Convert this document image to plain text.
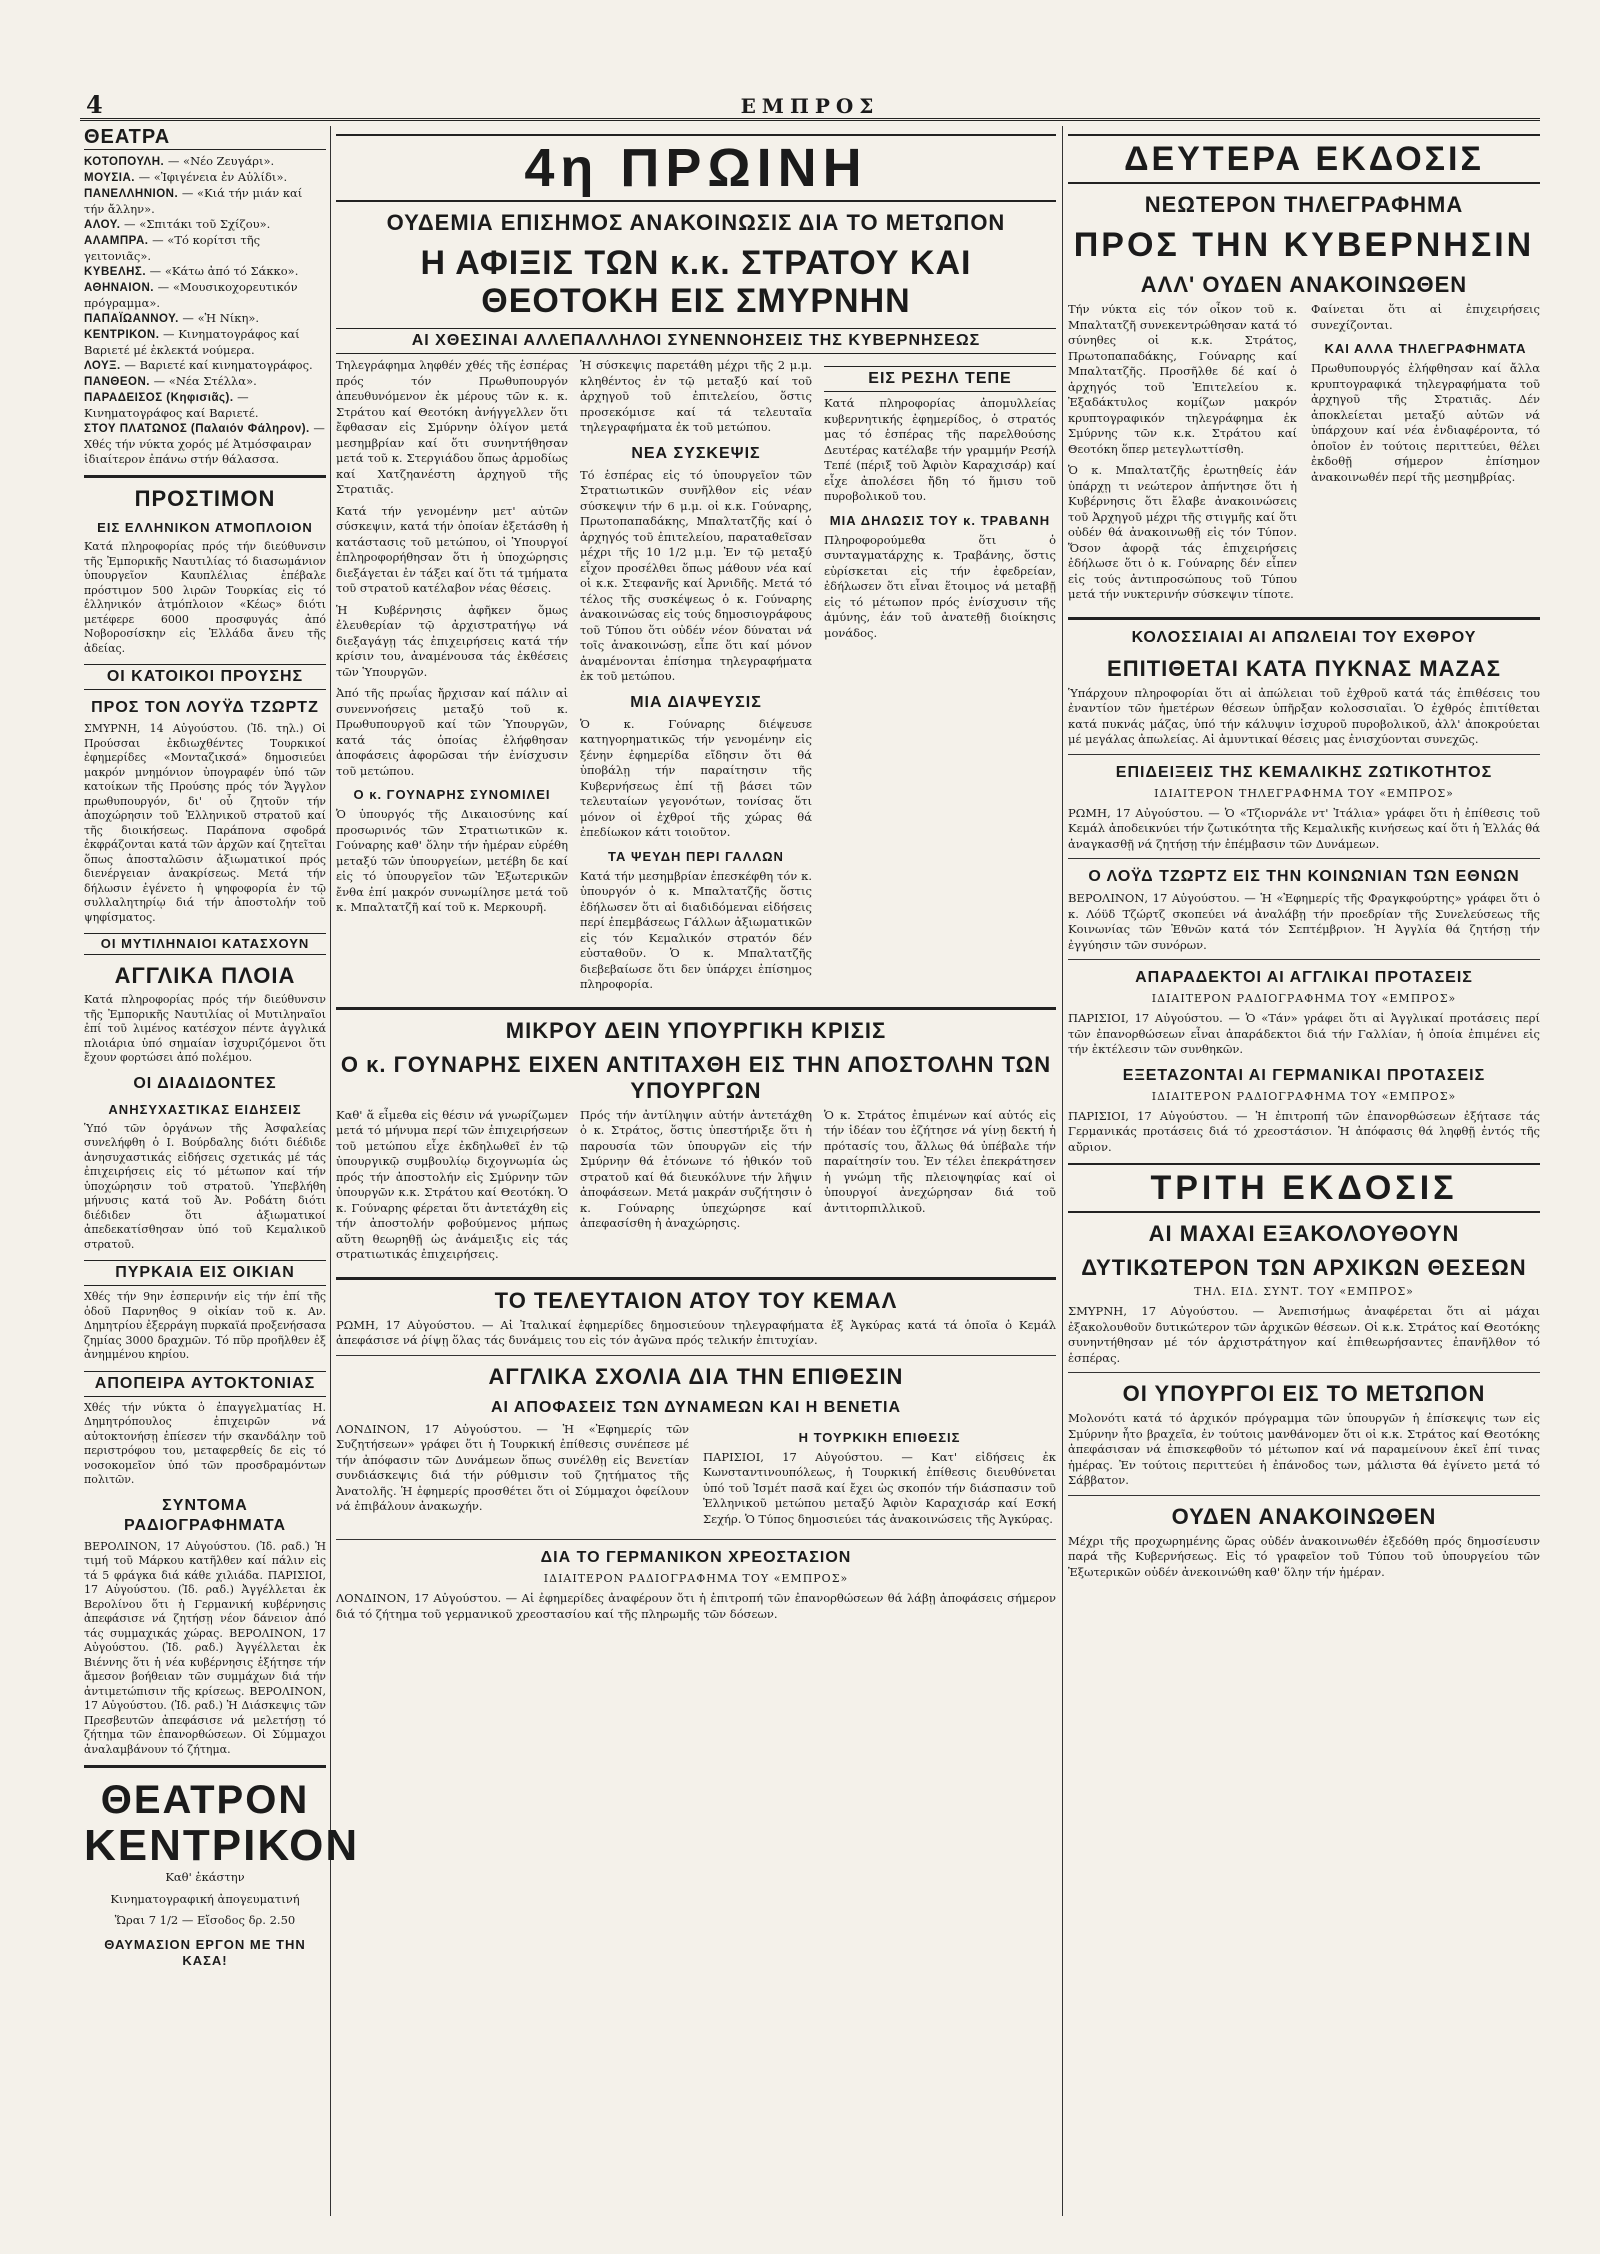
4	ΕΜΠΡΟΣ
ΘΕΑΤΡΑ
ΚΟΤΟΠΟΥΛΗ. — «Νέο Ζευγάρι».
ΜΟΥΣΙΑ. — «Ἰφιγένεια ἐν Αὐλίδι».
ΠΑΝΕΛΛΗΝΙΟΝ. — «Κιά τήν μιάν καί τήν ἄλλην».
ΑΛΟΥ. — «Σπιτάκι τοῦ Σχίζου».
ΑΛΑΜΠΡΑ. — «Τό κορίτσι τῆς γειτονιᾶς».
ΚΥΒΕΛΗΣ. — «Κάτω ἀπό τό Σάκκο».
ΑΘΗΝΑΙΟΝ. — «Μουσικοχορευτικόν πρόγραμμα».
ΠΑΠΑΪΩΑΝΝΟΥ. — «Ἡ Νίκη».
ΚΕΝΤΡΙΚΟΝ. — Κινηματογράφος καί Βαριετέ μέ ἐκλεκτά νούμερα.
ΛΟΥΞ. — Βαριετέ καί κινηματογράφος.
ΠΑΝΘΕΟΝ. — «Νέα Στέλλα».
ΠΑΡΑΔΕΙΣΟΣ (Κηφισιᾶς). — Κινηματογράφος καί Βαριετέ.
ΣΤΟΥ ΠΛΑΤΩΝΟΣ (Παλαιόν Φάληρον). — Χθές τήν νύκτα χορός μέ Ἀτμόσφαιραν ἰδιαίτερον ἐπάνω στήν θάλασσα.
ΠΡΟΣΤΙΜΟΝ
ΕΙΣ ΕΛΛΗΝΙΚΟΝ ΑΤΜΟΠΛΟΙΟΝ

Κατά πληροφορίας πρός τήν διεύθυνσιν τῆς Ἐμπορικῆς Ναυτιλίας τό διασωμάνιον ὑπουργεῖον Καυπλέλιας ἐπέβαλε πρόστιμον 500 λιρῶν Τουρκίας εἰς τό ἑλληνικόν ἀτμόπλοιον «Κέως» διότι μετέφερε 6000 προσφυγάς ἀπό Νοβοροσίσκην εἰς Ἑλλάδα ἄνευ τῆς ἀδείας.

ΟΙ ΚΑΤΟΙΚΟΙ ΠΡΟΥΣΗΣ
ΠΡΟΣ ΤΟΝ ΛΟΥΫΔ ΤΖΩΡΤΖ

ΣΜΥΡΝΗ, 14 Αὐγούστου. (Ἰδ. τηλ.) Οἱ Προύσσαι ἐκδιωχθέντες Τουρκικοί ἐφημερίδες «Μονταζικσά» δημοσιεύει μακρόν μνημόνιον ὑπογραφέν ὑπό τῶν κατοίκων τῆς Προύσης πρός τόν Ἄγγλον πρωθυπουργόν, δι' οὗ ζητοῦν τήν ἀποχώρησιν τοῦ Ἑλληνικοῦ στρατοῦ καί τῆς διοικήσεως. Παράπονα σφοδρά ἐκφράζονται κατά τῶν ἀρχῶν καί ζητεῖται ὅπως ἀποσταλῶσιν ἀξιωματικοί πρός διενέργειαν ἀνακρίσεως. Μετά τήν δήλωσιν ἐγένετο ἡ ψηφοφορία ἐν τῷ συλλαλητηρίῳ διά τήν ἀποστολήν τοῦ ψηφίσματος.

ΟΙ ΜΥΤΙΛΗΝΑΙΟΙ ΚΑΤΑΣΧΟΥΝ
ΑΓΓΛΙΚΑ ΠΛΟΙΑ

Κατά πληροφορίας πρός τήν διεύθυνσιν τῆς Ἐμπορικῆς Ναυτιλίας οἱ Μυτιληναῖοι ἐπί τοῦ λιμένος κατέσχον πέντε ἀγγλικά πλοιάρια ὑπό σημαίαν ἰσχυριζόμενοι ὅτι ἔχουν φορτώσει ἀπό πολέμου.

ΟΙ ΔΙΑΔΙΔΟΝΤΕΣ
ΑΝΗΣΥΧΑΣΤΙΚΑΣ ΕΙΔΗΣΕΙΣ

Ὑπό τῶν ὀργάνων τῆς Ἀσφαλείας συνελήφθη ὁ Ι. Βούρδαλης διότι διέδιδε ἀνησυχαστικάς εἰδήσεις σχετικάς μέ τάς ἐπιχειρήσεις εἰς τό μέτωπον καί τήν ὑποχώρησιν τοῦ στρατοῦ. Ὑπεβλήθη μήνυσις κατά τοῦ Ἀν. Ροδάτη διότι διέδιδεν ὅτι ἀξιωματικοί ἀπεδεκατίσθησαν ὑπό τοῦ Κεμαλικοῦ στρατοῦ.

ΠΥΡΚΑΙΑ ΕΙΣ ΟΙΚΙΑΝ

Χθές τήν 9ην ἑσπερινήν εἰς τήν ἐπί τῆς ὁδοῦ Παρνηθος 9 οἰκίαν τοῦ κ. Αν. Δημητρίου ἐξερράγη πυρκαϊά προξενήσασα ζημίας 3000 δραχμῶν. Τό πῦρ προῆλθεν ἐξ ἀνημμένου κηρίου.

ΑΠΟΠΕΙΡΑ ΑΥΤΟΚΤΟΝΙΑΣ

Χθές τήν νύκτα ὁ ἐπαγγελματίας Η. Δημητρόπουλος ἐπιχειρῶν νά αὐτοκτονήσῃ ἐπίεσεν τήν σκανδάλην τοῦ περιστρόφου του, μεταφερθείς δε εἰς τό νοσοκομεῖον ὑπό τῶν προσδραμόντων πολιτῶν.

ΣΥΝΤΟΜΑ ΡΑΔΙΟΓΡΑΦΗΜΑΤΑ

ΒΕΡΟΛΙΝΟΝ, 17 Αὐγούστου. (Ἰδ. ραδ.) Ἡ τιμή τοῦ Μάρκου κατῆλθεν καί πάλιν εἰς τά 5 φράγκα διά κάθε χιλιάδα. ΠΑΡΙΣΙΟΙ, 17 Αὐγούστου. (Ἰδ. ραδ.) Ἀγγέλλεται ἐκ Βερολίνου ὅτι ἡ Γερμανική κυβέρνησις ἀπεφάσισε νά ζητήσῃ νέον δάνειον ἀπό τάς συμμαχικάς χώρας. ΒΕΡΟΛΙΝΟΝ, 17 Αὐγούστου. (Ἰδ. ραδ.) Ἀγγέλλεται ἐκ Βιέννης ὅτι ἡ νέα κυβέρνησις ἐξήτησε τήν ἄμεσον βοήθειαν τῶν συμμάχων διά τήν ἀντιμετώπισιν τῆς κρίσεως. ΒΕΡΟΛΙΝΟΝ, 17 Αὐγούστου. (Ἰδ. ραδ.) Ἡ Διάσκεψις τῶν Πρεσβευτῶν ἀπεφάσισε νά μελετήσῃ τό ζήτημα τῶν ἐπανορθώσεων. Οἱ Σύμμαχοι ἀναλαμβάνουν τό ζήτημα.

ΘΕΑΤΡΟΝ
ΚΕΝΤΡΙΚΟΝ
Καθ' ἑκάστην
Κινηματογραφική ἀπογευματινή
Ὥραι 7 1/2 — Εἴσοδος δρ. 2.50
ΘΑΥΜΑΣΙΟΝ ΕΡΓΟΝ ΜΕ ΤΗΝ ΚΑΣΑ!
4η ΠΡΩΙΝΗ
ΟΥΔΕΜΙΑ ΕΠΙΣΗΜΟΣ ΑΝΑΚΟΙΝΩΣΙΣ ΔΙΑ ΤΟ ΜΕΤΩΠΟΝ
Η ΑΦΙΞΙΣ ΤΩΝ κ.κ. ΣΤΡΑΤΟΥ ΚΑΙ ΘΕΟΤΟΚΗ ΕΙΣ ΣΜΥΡΝΗΝ
ΑΙ ΧΘΕΣΙΝΑΙ ΑΛΛΕΠΑΛΛΗΛΟΙ ΣΥΝΕΝΝΟΗΣΕΙΣ ΤΗΣ ΚΥΒΕΡΝΗΣΕΩΣ

Τηλεγράφημα ληφθέν χθές τῆς ἑσπέρας πρός τόν Πρωθυπουργόν ἀπευθυνόμενον ἐκ μέρους τῶν κ. κ. Στράτου καί Θεοτόκη ἀνήγγελλεν ὅτι ἔφθασαν εἰς Σμύρνην ὀλίγον μετά μεσημβρίαν καί ὅτι συνηντήθησαν μετά τοῦ κ. Στεργιάδου ὅπως ἀρμοδίως καί Χατζηανέστη ἀρχηγοῦ τῆς Στρατιᾶς.

Κατά τήν γενομένην μετ' αὐτῶν σύσκεψιν, κατά τήν ὁποίαν ἐξετάσθη ἡ κατάστασις τοῦ μετώπου, οἱ Ὑπουργοί ἐπληροφορήθησαν ὅτι ἡ ὑποχώρησις διεξάγεται ἐν τάξει καί ὅτι τά τμήματα τοῦ στρατοῦ κατέλαβον νέας θέσεις.

Ἡ Κυβέρνησις ἀφῆκεν ὅμως ἐλευθερίαν τῷ ἀρχιστρατήγῳ νά διεξαγάγῃ τάς ἐπιχειρήσεις κατά τήν κρίσιν του, ἀναμένουσα τάς ἐκθέσεις τῶν Ὑπουργῶν.

Ἀπό τῆς πρωΐας ἤρχισαν καί πάλιν αἱ συνεννοήσεις μεταξύ τοῦ κ. Πρωθυπουργοῦ καί τῶν Ὑπουργῶν, κατά τάς ὁποίας ἐλήφθησαν ἀποφάσεις ἀφορῶσαι τήν ἐνίσχυσιν τοῦ μετώπου.

Ο κ. ΓΟΥΝΑΡΗΣ ΣΥΝΟΜΙΛΕΙ

Ὁ ὑπουργός τῆς Δικαιοσύνης καί προσωρινός τῶν Στρατιωτικῶν κ. Γούναρης καθ' ὅλην τήν ἡμέραν εὑρέθη μεταξύ τῶν ὑπουργείων, μετέβη δε καί εἰς τό ὑπουργεῖον τῶν Ἐξωτερικῶν ἔνθα ἐπί μακρόν συνωμίλησε μετά τοῦ κ. Μπαλτατζῆ καί τοῦ κ. Μερκουρῆ.

Ἡ σύσκεψις παρετάθη μέχρι τῆς 2 μ.μ. κληθέντος ἐν τῷ μεταξύ καί τοῦ ἀρχηγοῦ τοῦ ἐπιτελείου, ὅστις προσεκόμισε καί τά τελευταῖα τηλεγραφήματα ἐκ τοῦ μετώπου.

ΝΕΑ ΣΥΣΚΕΨΙΣ

Τό ἑσπέρας εἰς τό ὑπουργεῖον τῶν Στρατιωτικῶν συνῆλθον εἰς νέαν σύσκεψιν τήν 6 μ.μ. οἱ κ.κ. Γούναρης, Πρωτοπαπαδάκης, Μπαλτατζῆς καί ὁ ἀρχηγός τοῦ ἐπιτελείου, παραταθεῖσαν μέχρι τῆς 10 1/2 μ.μ. Ἐν τῷ μεταξύ εἶχον προσέλθει ὅπως μάθουν νέα καί οἱ κ.κ. Στεφανῆς καί Ἀρνιδῆς. Μετά τό τέλος τῆς συσκέψεως ὁ κ. Γούναρης ἀνακοινώσας εἰς τούς δημοσιογράφους τοῦ Τύπου ὅτι οὐδέν νέον δύναται νά τοῖς ἀνακοινώσῃ, εἶπε ὅτι καί μόνον ἀναμένονται ἐπίσημα τηλεγραφήματα ἐκ τοῦ μετώπου.

ΜΙΑ ΔΙΑΨΕΥΣΙΣ

Ὁ κ. Γούναρης διέψευσε κατηγορηματικῶς τήν γενομένην εἰς ξένην ἐφημερίδα εἴδησιν ὅτι θά ὑποβάλῃ τήν παραίτησιν τῆς Κυβερνήσεως ἐπί τῇ βάσει τῶν τελευταίων γεγονότων, τονίσας ὅτι μόνον οἱ ἐχθροί τῆς χώρας θά ἐπεδίωκον κάτι τοιοῦτον.

ΤΑ ΨΕΥΔΗ ΠΕΡΙ ΓΑΛΛΩΝ

Κατά τήν μεσημβρίαν ἐπεσκέφθη τόν κ. ὑπουργόν ὁ κ. Μπαλτατζῆς ὅστις ἐδήλωσεν ὅτι αἱ διαδιδόμεναι εἰδήσεις περί ἐπεμβάσεως Γάλλων ἀξιωματικῶν εἰς τόν Κεμαλικόν στρατόν δέν εὐσταθοῦν. Ὁ κ. Μπαλτατζῆς διεβεβαίωσε ὅτι δεν ὑπάρχει ἐπίσημος πληροφορία.

ΕΙΣ ΡΕΣΗΛ ΤΕΠΕ

Κατά πληροφορίας ἀπομυλλείας κυβερνητικής ἐφημερίδος, ὁ στρατός μας τό ἑσπέρας τῆς παρελθούσης Δευτέρας κατέλαβε τήν γραμμήν Ρεσήλ Τεπέ (πέριξ τοῦ Ἀφιὸν Καραχισάρ) καί εἶχε ἀπολέσει ἤδη τό ἥμισυ τοῦ πυροβολικοῦ του.

ΜΙΑ ΔΗΛΩΣΙΣ ΤΟΥ κ. ΤΡΑΒΑΝΗ

Πληροφορούμεθα ὅτι ὁ συνταγματάρχης κ. Τραβάνης, ὅστις εὑρίσκεται εἰς τήν ἐφεδρείαν, ἐδήλωσεν ὅτι εἶναι ἕτοιμος νά μεταβῇ εἰς τό μέτωπον πρός ἐνίσχυσιν τῆς ἀμύνης, ἐάν τοῦ ἀνατεθῇ διοίκησις μονάδος.

ΜΙΚΡΟΥ ΔΕΙΝ ΥΠΟΥΡΓΙΚΗ ΚΡΙΣΙΣ
Ο κ. ΓΟΥΝΑΡΗΣ ΕΙΧΕΝ ΑΝΤΙΤΑΧΘΗ ΕΙΣ ΤΗΝ ΑΠΟΣΤΟΛΗΝ ΤΩΝ ΥΠΟΥΡΓΩΝ

Καθ' ἅ εἶμεθα εἰς θέσιν νά γνωρίζωμεν μετά τό μήνυμα περί τῶν ἐπιχειρήσεων τοῦ μετώπου εἶχε ἐκδηλωθεῖ ἐν τῷ ὑπουργικῷ συμβουλίῳ διχογνωμία ὡς πρός τήν ἀποστολήν εἰς Σμύρνην τῶν ὑπουργῶν κ.κ. Στράτου καί Θεοτόκη. Ὁ κ. Γούναρης φέρεται ὅτι ἀντετάχθη εἰς τήν ἀποστολήν φοβούμενος μήπως αὕτη θεωρηθῇ ὡς ἀνάμειξις εἰς τάς στρατιωτικάς ἐπιχειρήσεις.

Πρός τήν ἀντίληψιν αὐτήν ἀντετάχθη ὁ κ. Στράτος, ὅστις ὑπεστήριξε ὅτι ἡ παρουσία τῶν ὑπουργῶν εἰς τήν Σμύρνην θά ἐτόνωνε τό ἠθικόν τοῦ στρατοῦ καί θά διευκόλυνε τήν λῆψιν ἀποφάσεων. Μετά μακράν συζήτησιν ὁ κ. Γούναρης ὑπεχώρησε καί ἀπεφασίσθη ἡ ἀναχώρησις.

Ὁ κ. Στράτος ἐπιμένων καί αὐτός εἰς τήν ἰδέαν του ἐζήτησε νά γίνῃ δεκτή ἡ πρότασίς του, ἄλλως θά ὑπέβαλε τήν παραίτησίν του. Ἐν τέλει ἐπεκράτησεν ἡ γνώμη τῆς πλειοψηφίας καί οἱ ὑπουργοί ἀνεχώρησαν διά τοῦ ἀντιτορπιλλικοῦ.

ΤΟ ΤΕΛΕΥΤΑΙΟΝ ΑΤΟΥ ΤΟΥ ΚΕΜΑΛ

ΡΩΜΗ, 17 Αὐγούστου. — Αἱ Ἰταλικαί ἐφημερίδες δημοσιεύουν τηλεγραφήματα ἐξ Ἀγκύρας κατά τά ὁποῖα ὁ Κεμάλ ἀπεφάσισε νά ῥίψῃ ὅλας τάς δυνάμεις του εἰς τόν ἀγῶνα πρός τελικήν ἐπιτυχίαν.

ΑΓΓΛΙΚΑ ΣΧΟΛΙΑ ΔΙΑ ΤΗΝ ΕΠΙΘΕΣΙΝ
ΑΙ ΑΠΟΦΑΣΕΙΣ ΤΩΝ ΔΥΝΑΜΕΩΝ ΚΑΙ Η ΒΕΝΕΤΙΑ

ΛΟΝΔΙΝΟΝ, 17 Αὐγούστου. — Ἡ «Ἐφημερίς τῶν Συζητήσεων» γράφει ὅτι ἡ Τουρκική ἐπίθεσις συνέπεσε μέ τήν ἀπόφασιν τῶν Δυνάμεων ὅπως συνέλθῃ εἰς Βενετίαν συνδιάσκεψις διά τήν ρύθμισιν τοῦ ζητήματος τῆς Ἀνατολῆς. Ἡ ἐφημερίς προσθέτει ὅτι οἱ Σύμμαχοι ὀφείλουν νά ἐπιβάλουν ἀνακωχήν.

Η ΤΟΥΡΚΙΚΗ ΕΠΙΘΕΣΙΣ

ΠΑΡΙΣΙΟΙ, 17 Αὐγούστου. — Κατ' εἰδήσεις ἐκ Κωνσταντινουπόλεως, ἡ Τουρκική ἐπίθεσις διευθύνεται ὑπό τοῦ Ἰσμέτ πασᾶ καί ἔχει ὡς σκοπόν τήν διάσπασιν τοῦ Ἑλληνικοῦ μετώπου μεταξύ Ἀφιὸν Καραχισάρ καί Εσκή Σεχήρ. Ὁ Τύπος δημοσιεύει τάς ἀνακοινώσεις τῆς Ἀγκύρας.

ΔΙΑ ΤΟ ΓΕΡΜΑΝΙΚΟΝ ΧΡΕΟΣΤΑΣΙΟΝ
ΙΔΙΑΙΤΕΡΟΝ ΡΑΔΙΟΓΡΑΦΗΜΑ ΤΟΥ «ΕΜΠΡΟΣ»

ΛΟΝΔΙΝΟΝ, 17 Αὐγούστου. — Αἱ ἐφημερίδες ἀναφέρουν ὅτι ἡ ἐπιτροπή τῶν ἐπανορθώσεων θά λάβῃ ἀποφάσεις σήμερον διά τό ζήτημα τοῦ γερμανικοῦ χρεοστασίου καί τῆς πληρωμῆς τῶν δόσεων.

ΔΕΥΤΕΡΑ ΕΚΔΟΣΙΣ
ΝΕΩΤΕΡΟΝ ΤΗΛΕΓΡΑΦΗΜΑ
ΠΡΟΣ ΤΗΝ ΚΥΒΕΡΝΗΣΙΝ
ΑΛΛ' ΟΥΔΕΝ ΑΝΑΚΟΙΝΩΘΕΝ

Τήν νύκτα εἰς τόν οἶκον τοῦ κ. Μπαλτατζῆ συνεκεντρώθησαν κατά τό σύνηθες οἱ κ.κ. Στράτος, Πρωτοπαπαδάκης, Γούναρης καί Μπαλτατζῆς. Προσῆλθε δέ καί ὁ ἀρχηγός τοῦ Ἐπιτελείου κ. Ἐξαδάκτυλος κομίζων μακρόν κρυπτογραφικόν τηλεγράφημα ἐκ Σμύρνης τῶν κ.κ. Στράτου καί Θεοτόκη ὅπερ μετεγλωττίσθη.

Ὁ κ. Μπαλτατζῆς ἐρωτηθείς ἐάν ὑπάρχῃ τι νεώτερον ἀπήντησε ὅτι ἡ Κυβέρνησις ὅτι ἔλαβε ἀνακοινώσεις τοῦ Ἀρχηγοῦ μέχρι τῆς στιγμῆς καί ὅτι οὐδέν θά ἀνακοινωθῇ εἰς τόν Τύπον. Ὅσον ἀφορᾷ τάς ἐπιχειρήσεις ἐδήλωσε ὅτι ὁ κ. Γούναρης δέν εἶπεν εἰς τούς ἀντιπροσώπους τοῦ Τύπου μετά τήν νυκτερινήν σύσκεψιν τίποτε.

Φαίνεται ὅτι αἱ ἐπιχειρήσεις συνεχίζονται.

ΚΑΙ ΑΛΛΑ ΤΗΛΕΓΡΑΦΗΜΑΤΑ

Πρωθυπουργός ἐλήφθησαν καί ἄλλα κρυπτογραφικά τηλεγραφήματα τοῦ ἀρχηγοῦ τῆς Στρατιᾶς. Δέν ἀποκλείεται μεταξύ αὐτῶν νά ὑπάρχουν καί νέα ἐνδιαφέροντα, τό ὁποῖον ἐν τούτοις περιττεύει, θέλει ἐκδοθῇ σήμερον ἐπίσημον ἀνακοινωθέν περί τῆς μεσημβρίας.

ΚΟΛΟΣΣΙΑΙΑΙ ΑΙ ΑΠΩΛΕΙΑΙ ΤΟΥ ΕΧΘΡΟΥ
ΕΠΙΤΙΘΕΤΑΙ ΚΑΤΑ ΠΥΚΝΑΣ ΜΑΖΑΣ

Ὑπάρχουν πληροφορίαι ὅτι αἱ ἀπώλειαι τοῦ ἐχθροῦ κατά τάς ἐπιθέσεις του ἐναντίον τῶν ἡμετέρων θέσεων ὑπῆρξαν κολοσσιαῖαι. Ὁ ἐχθρός ἐπιτίθεται κατά πυκνάς μάζας, ὑπό τήν κάλυψιν ἰσχυροῦ πυροβολικοῦ, ἀλλ' ἀποκρούεται μέ μεγάλας ἀπωλείας. Αἱ ἀμυντικαί θέσεις μας ἐνισχύονται συνεχῶς.

ΕΠΙΔΕΙΞΕΙΣ ΤΗΣ ΚΕΜΑΛΙΚΗΣ ΖΩΤΙΚΟΤΗΤΟΣ
ΙΔΙΑΙΤΕΡΟΝ ΤΗΛΕΓΡΑΦΗΜΑ ΤΟΥ «ΕΜΠΡΟΣ»

ΡΩΜΗ, 17 Αὐγούστου. — Ὁ «Τζιορνάλε ντ' Ἰτάλια» γράφει ὅτι ἡ ἐπίθεσις τοῦ Κεμάλ ἀποδεικνύει τήν ζωτικότητα τῆς Κεμαλικῆς κινήσεως καί ὅτι ἡ Ἑλλάς θά ἀναγκασθῇ νά ζητήσῃ τήν ἐπέμβασιν τῶν Δυνάμεων.

Ο ΛΟΫΔ ΤΖΩΡΤΖ ΕΙΣ ΤΗΝ ΚΟΙΝΩΝΙΑΝ ΤΩΝ ΕΘΝΩΝ

ΒΕΡΟΛΙΝΟΝ, 17 Αὐγούστου. — Ἡ «Ἐφημερίς τῆς Φραγκφούρτης» γράφει ὅτι ὁ κ. Λόϋδ Τζώρτζ σκοπεύει νά ἀναλάβῃ τήν προεδρίαν τῆς Συνελεύσεως τῆς Κοινωνίας τῶν Ἐθνῶν κατά τόν Σεπτέμβριον. Ἡ Ἀγγλία θά ζητήσῃ τήν ἐγγύησιν τῶν συνόρων.

ΑΠΑΡΑΔΕΚΤΟΙ ΑΙ ΑΓΓΛΙΚΑΙ ΠΡΟΤΑΣΕΙΣ
ΙΔΙΑΙΤΕΡΟΝ ΡΑΔΙΟΓΡΑΦΗΜΑ ΤΟΥ «ΕΜΠΡΟΣ»

ΠΑΡΙΣΙΟΙ, 17 Αὐγούστου. — Ὁ «Τάν» γράφει ὅτι αἱ Ἀγγλικαί προτάσεις περί τῶν ἐπανορθώσεων εἶναι ἀπαράδεκτοι διά τήν Γαλλίαν, ἡ ὁποία ἐπιμένει εἰς τήν ἐκτέλεσιν τῶν συνθηκῶν.

ΕΞΕΤΑΖΟΝΤΑΙ ΑΙ ΓΕΡΜΑΝΙΚΑΙ ΠΡΟΤΑΣΕΙΣ
ΙΔΙΑΙΤΕΡΟΝ ΡΑΔΙΟΓΡΑΦΗΜΑ ΤΟΥ «ΕΜΠΡΟΣ»

ΠΑΡΙΣΙΟΙ, 17 Αὐγούστου. — Ἡ ἐπιτροπή τῶν ἐπανορθώσεων ἐξήτασε τάς Γερμανικάς προτάσεις διά τό χρεοστάσιον. Ἡ ἀπόφασις θά ληφθῇ ἐντός τῆς αὔριον.

ΤΡΙΤΗ ΕΚΔΟΣΙΣ
ΑΙ ΜΑΧΑΙ ΕΞΑΚΟΛΟΥΘΟΥΝ
ΔΥΤΙΚΩΤΕΡΟΝ ΤΩΝ ΑΡΧΙΚΩΝ ΘΕΣΕΩΝ
ΤΗΛ. ΕΙΔ. ΣΥΝΤ. ΤΟΥ «ΕΜΠΡΟΣ»

ΣΜΥΡΝΗ, 17 Αὐγούστου. — Ἀνεπισήμως ἀναφέρεται ὅτι αἱ μάχαι ἐξακολουθοῦν δυτικώτερον τῶν ἀρχικῶν θέσεων. Οἱ κ.κ. Στράτος καί Θεοτόκης συνηντήθησαν μέ τόν ἀρχιστράτηγον καί ἐπιθεωρήσαντες ἐπανῆλθον τό ἑσπέρας.

ΟΙ ΥΠΟΥΡΓΟΙ ΕΙΣ ΤΟ ΜΕΤΩΠΟΝ

Μολονότι κατά τό ἀρχικόν πρόγραμμα τῶν ὑπουργῶν ἡ ἐπίσκεψις των εἰς Σμύρνην ἦτο βραχεῖα, ἐν τούτοις μανθάνομεν ὅτι οἱ κ.κ. Στράτος καί Θεοτόκης ἀπεφάσισαν νά ἐπισκεφθοῦν τό μέτωπον καί νά παραμείνουν ἐκεῖ ἐπί τινας ἡμέρας. Ἐν τούτοις περιττεύει ἡ ἐπάνοδος των, μάλιστα θά ἐγίνετο μετά τό Σάββατον.

ΟΥΔΕΝ ΑΝΑΚΟΙΝΩΘΕΝ

Μέχρι τῆς προχωρημένης ὥρας οὐδέν ἀνακοινωθέν ἐξεδόθη πρός δημοσίευσιν παρά τῆς Κυβερνήσεως. Εἰς τό γραφεῖον τοῦ Τύπου τοῦ ὑπουργείου τῶν Ἐξωτερικῶν οὐδέν ἀνεκοινώθη καθ' ὅλην τήν ἡμέραν.
